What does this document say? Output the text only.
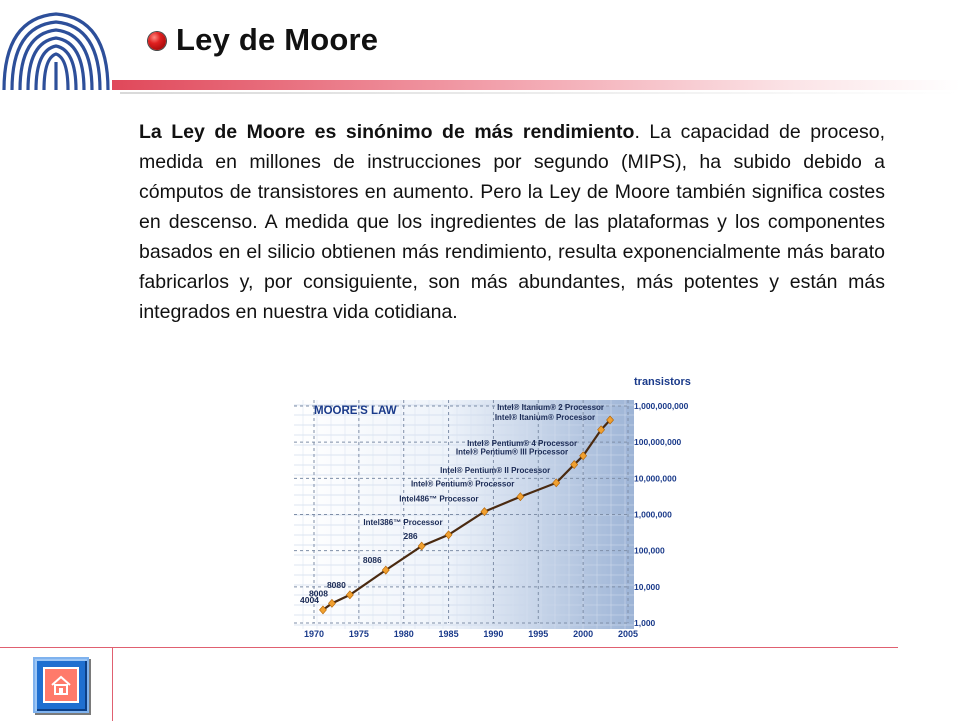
Ley de Moore
La Ley de Moore es sinónimo de más rendimiento. La capacidad de proceso, medida en millones de instrucciones por segundo (MIPS), ha subido debido a cómputos de transistores en aumento. Pero la Ley de Moore también significa costes en descenso. A medida que los ingredientes de las plataformas y los componentes basados en el silicio obtienen más rendimiento, resulta exponencialmente más barato fabricarlos y, por consiguiente, son más abundantes, más potentes y están más integrados en nuestra vida cotidiana.
4004
8008
8080
8086
286
Intel386™ Processor
Intel486™ Processor
Intel® Pentium® Processor
Intel® Pentium® II Processor
Intel® Pentium® III Processor
Intel® Pentium® 4 Processor
Intel® Itanium® Processor
Intel® Itanium® 2 Processor
MOORE'S LAW
transistors
1,000,000,000
100,000,000
10,000,000
1,000,000
100,000
10,000
1,000
1970	1975	1980	1985	1990	1995	2000	2005
